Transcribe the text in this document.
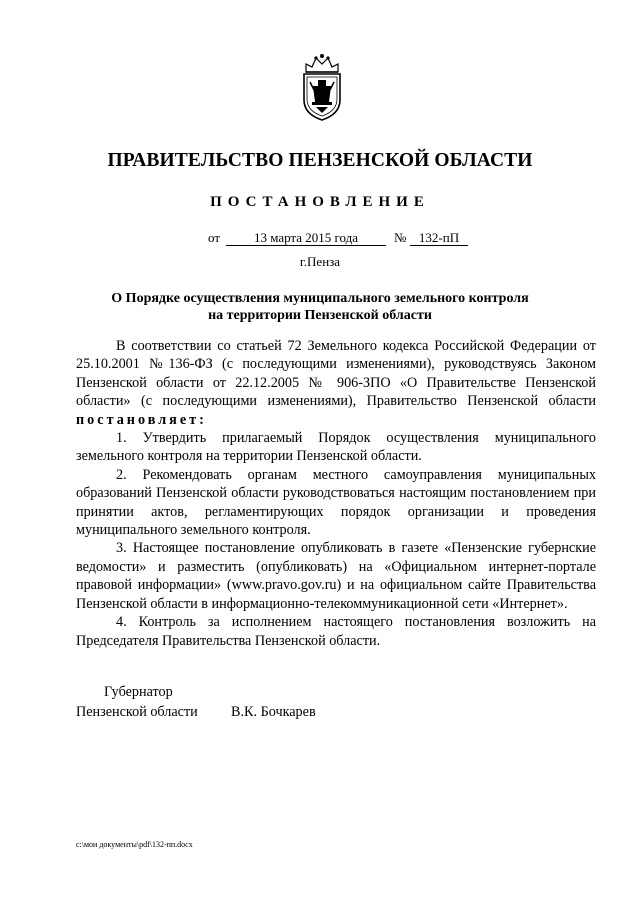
ПРАВИТЕЛЬСТВО ПЕНЗЕНСКОЙ ОБЛАСТИ
ПОСТАНОВЛЕНИЕ
от	13 марта 2015 года	№ 132-пП
г.Пенза
О Порядке осуществления муниципального земельного контроля
на территории Пензенской области

В соответствии со статьей 72 Земельного кодекса Российской Федерации от 25.10.2001 №136-ФЗ (с последующими изменениями), руководствуясь Законом Пензенской области от 22.12.2005 № 906-ЗПО «О Правительстве Пензенской области» (с последующими изменениями), Правительство Пензенской области постановляет:

1. Утвердить прилагаемый Порядок осуществления муниципального земельного контроля на территории Пензенской области.

2. Рекомендовать органам местного самоуправления муниципальных образований Пензенской области руководствоваться настоящим постановлением при принятии актов, регламентирующих порядок организации и проведения муниципального земельного контроля.

3. Настоящее постановление опубликовать в газете «Пензенские губернские ведомости» и разместить (опубликовать) на «Официальном интернет-портале правовой информации» (www.pravo.gov.ru) и на официальном сайте Правительства Пензенской области в информационно-телекоммуникационной сети «Интернет».

4. Контроль за исполнением настоящего постановления возложить на Председателя Правительства Пензенской области.

Губернатор
Пензенской области В.К. Бочкарев
c:\мои документы\pdf\132-пп.docx
